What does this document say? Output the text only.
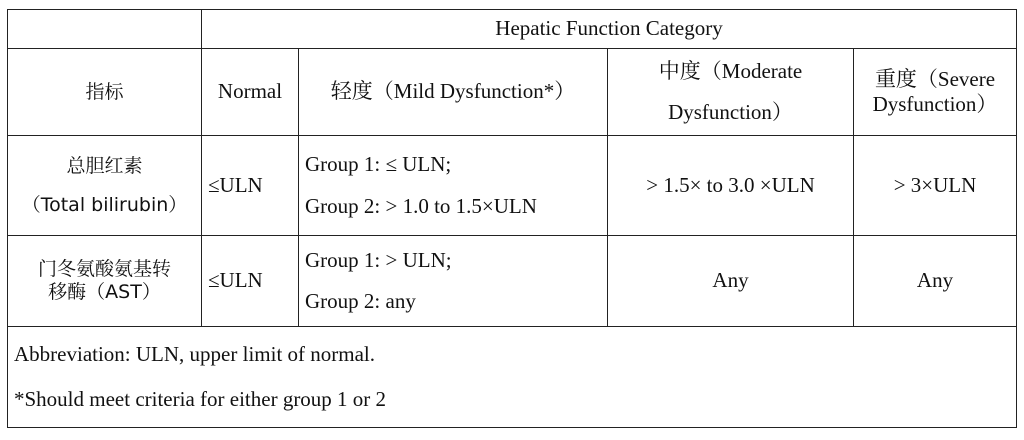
	Hepatic Function Category			
指标	Normal	轻度（Mild Dysfunction*）	中度（Moderate
Dysfunction）	重度（Severe
Dysfunction）

总胆红素
（Total bilirubin）	≤ULN	Group 1: ≤ ULN;
Group 2: > 1.0 to 1.5×ULN	> 1.5× to 3.0 ×ULN	> 3×ULN

门冬氨酸氨基转
移酶（AST）	≤ULN	Group 1: > ULN;
Group 2: any	Any	Any

Abbreviation: ULN, upper limit of normal.
*Should meet criteria for either group 1 or 2				
